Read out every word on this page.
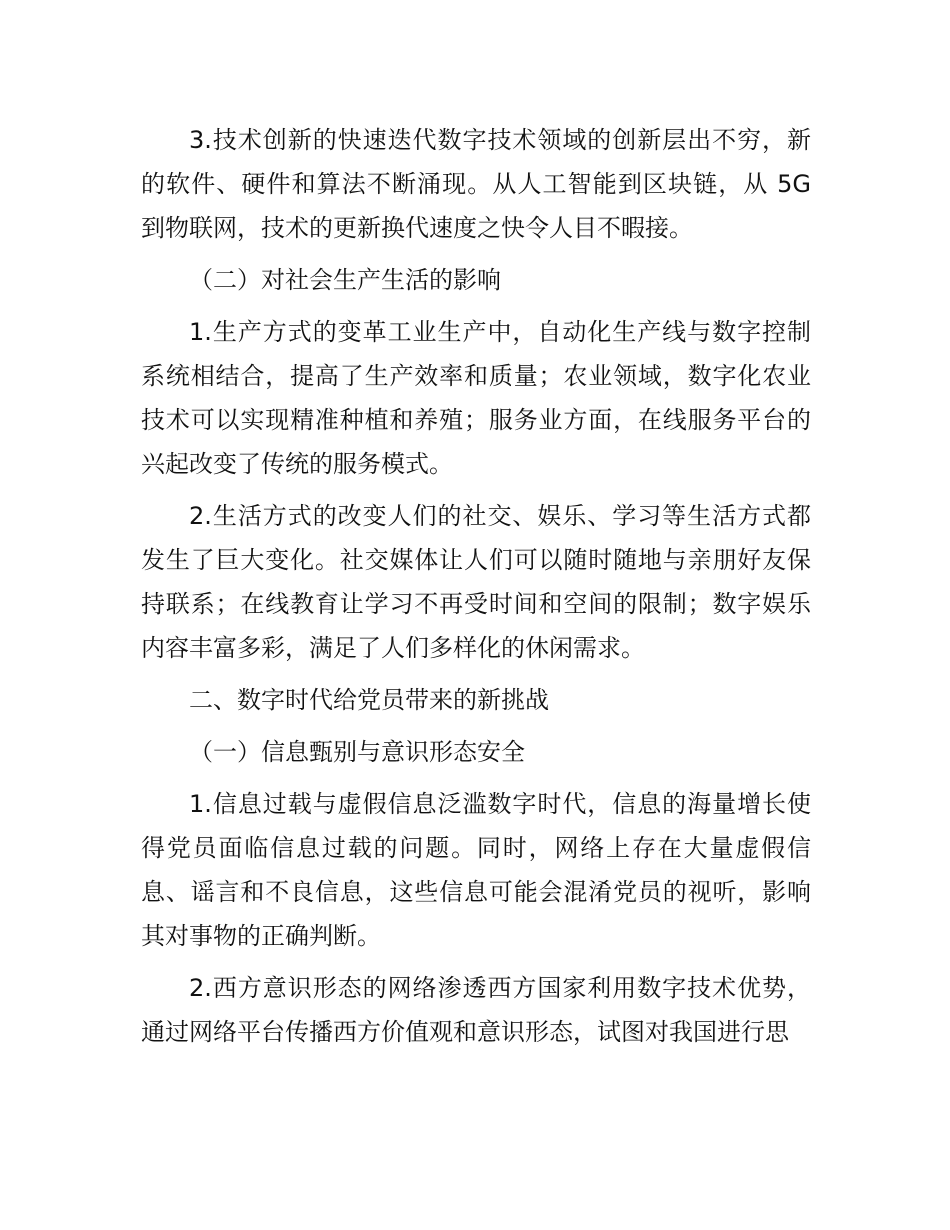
3.技术创新的快速迭代数字技术领域的创新层出不穷，新的软件、硬件和算法不断涌现。从人工智能到区块链，从 5G 到物联网，技术的更新换代速度之快令人目不暇接。

（二）对社会生产生活的影响

1.生产方式的变革工业生产中，自动化生产线与数字控制系统相结合，提高了生产效率和质量；农业领域，数字化农业技术可以实现精准种植和养殖；服务业方面，在线服务平台的兴起改变了传统的服务模式。

2.生活方式的改变人们的社交、娱乐、学习等生活方式都发生了巨大变化。社交媒体让人们可以随时随地与亲朋好友保持联系；在线教育让学习不再受时间和空间的限制；数字娱乐内容丰富多彩，满足了人们多样化的休闲需求。

二、数字时代给党员带来的新挑战

（一）信息甄别与意识形态安全

1.信息过载与虚假信息泛滥数字时代，信息的海量增长使得党员面临信息过载的问题。同时，网络上存在大量虚假信息、谣言和不良信息，这些信息可能会混淆党员的视听，影响其对事物的正确判断。

2.西方意识形态的网络渗透西方国家利用数字技术优势，通过网络平台传播西方价值观和意识形态，试图对我国进行思
